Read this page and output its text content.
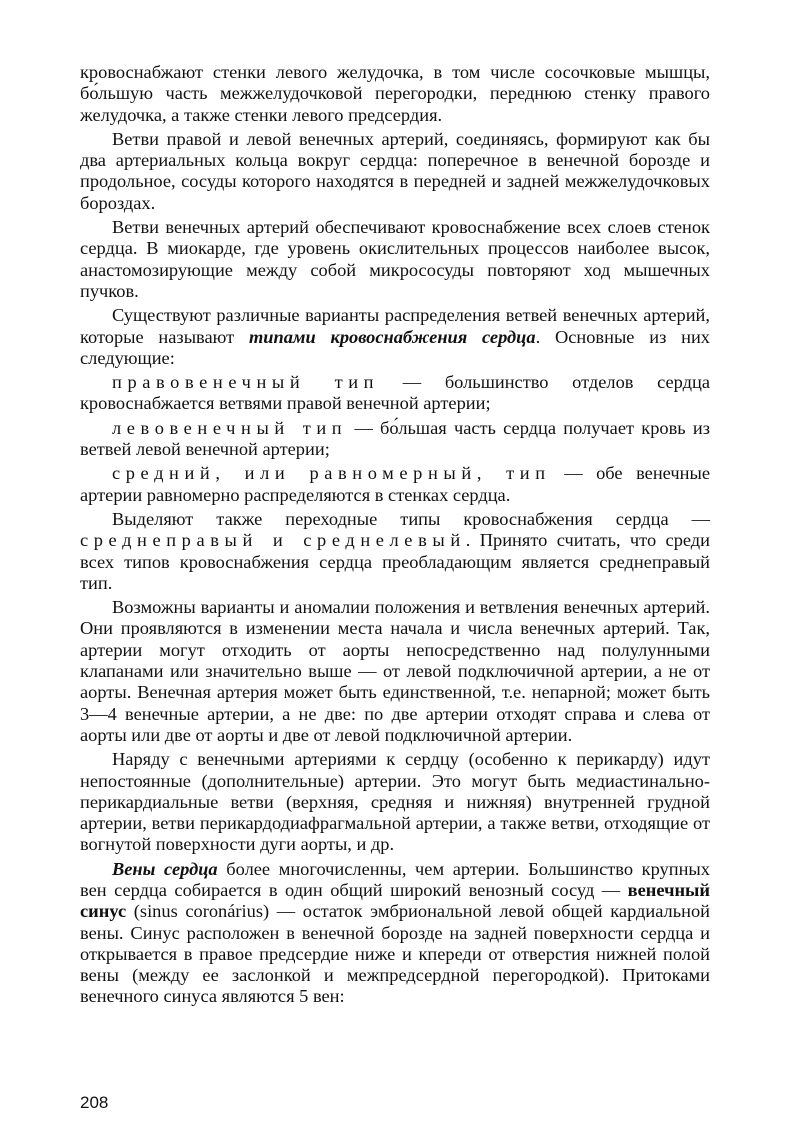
кровоснабжают стенки левого желудочка, в том числе сосочковые мышцы, бо́льшую часть межжелудочковой перегородки, переднюю стенку правого желудочка, а также стенки левого предсердия.

Ветви правой и левой венечных артерий, соединяясь, формируют как бы два артериальных кольца вокруг сердца: поперечное в венечной борозде и продольное, сосуды которого находятся в передней и задней межжелудочковых бороздах.

Ветви венечных артерий обеспечивают кровоснабжение всех слоев стенок сердца. В миокарде, где уровень окислительных процессов наиболее высок, анастомозирующие между собой микрососуды повторяют ход мышечных пучков.

Существуют различные варианты распределения ветвей венечных артерий, которые называют типами кровоснабжения сердца. Основные из них следующие:

правовенечный тип — большинство отделов сердца кровоснабжается ветвями правой венечной артерии;

левовенечный тип — бо́льшая часть сердца получает кровь из ветвей левой венечной артерии;

средний, или равномерный, тип — обе венечные артерии равномерно распределяются в стенках сердца.

Выделяют также переходные типы кровоснабжения сердца — среднеправый и среднелевый. Принято считать, что среди всех типов кровоснабжения сердца преобладающим является среднеправый тип.

Возможны варианты и аномалии положения и ветвления венечных артерий. Они проявляются в изменении места начала и числа венечных артерий. Так, артерии могут отходить от аорты непосредственно над полулунными клапанами или значительно выше — от левой подключичной артерии, а не от аорты. Венечная артерия может быть единственной, т.е. непарной; может быть 3—4 венечные артерии, а не две: по две артерии отходят справа и слева от аорты или две от аорты и две от левой подключичной артерии.

Наряду с венечными артериями к сердцу (особенно к перикарду) идут непостоянные (дополнительные) артерии. Это могут быть медиастинально-перикардиальные ветви (верхняя, средняя и нижняя) внутренней грудной артерии, ветви перикардодиафрагмальной артерии, а также ветви, отходящие от вогнутой поверхности дуги аорты, и др.

Вены сердца более многочисленны, чем артерии. Большинство крупных вен сердца собирается в один общий широкий венозный сосуд — венечный синус (sinus coronárius) — остаток эмбриональной левой общей кардиальной вены. Синус расположен в венечной борозде на задней поверхности сердца и открывается в правое предсердие ниже и кпереди от отверстия нижней полой вены (между ее заслонкой и межпредсердной перегородкой). Притоками венечного синуса являются 5 вен:

208
